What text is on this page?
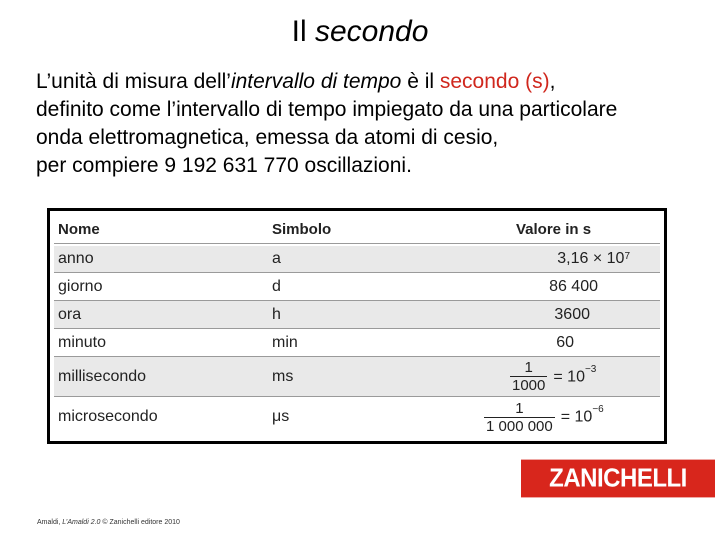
Il secondo
L’unità di misura dell’intervallo di tempo è il secondo (s),
definito come l’intervallo di tempo impiegato da una particolare
onda elettromagnetica, emessa da atomi di cesio,
per compiere 9 192 631 770 oscillazioni.
Nome	Simbolo	Valore in s
anno	a	$3,16 \times 10^7$
giorno	d	86 400
ora	h	3600
minuto	min	60
millisecondo	ms	$\frac{1}{1000} = 10^{-3}$
microsecondo	μs	$\frac{1}{1 000 000} = 10^{-6}$
ZANICHELLI
Amaldi, L’Amaldi 2.0 © Zanichelli editore 2010
